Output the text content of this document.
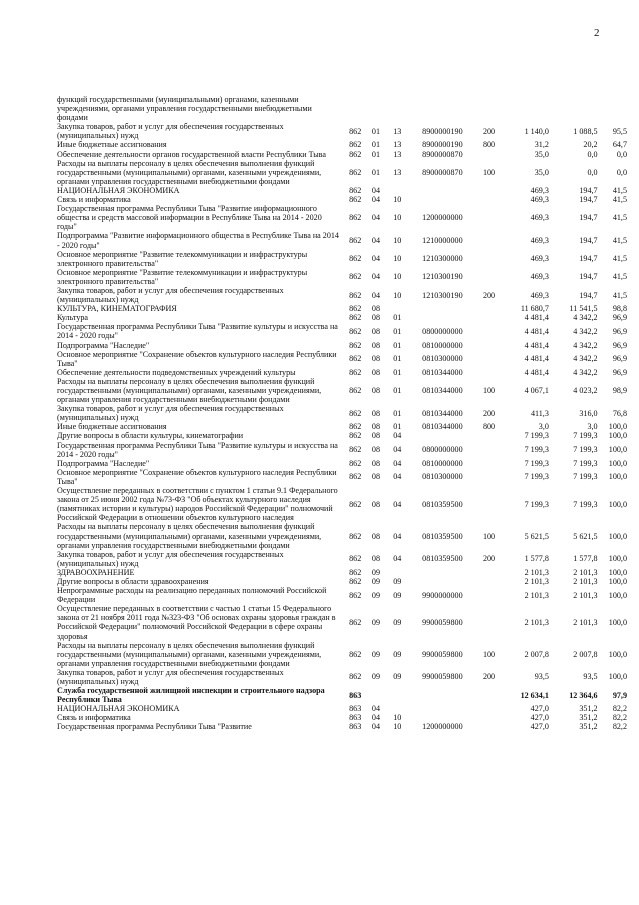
2
функций государственными (муниципальными) органами, казенными учреждениями, органами управления государственными внебюджетными фондами								
Закупка товаров, работ и услуг для обеспечения государственных (муниципальных) нужд	862	01	13	8900000190	200	1 140,0	1 088,5	95,5
Иные бюджетные ассигнования	862	01	13	8900000190	800	31,2	20,2	64,7
Обеспечение деятельности органов государственной власти Республики Тыва	862	01	13	8900000870		35,0	0,0	0,0
Расходы на выплаты персоналу в целях обеспечения выполнения функций государственными (муниципальными) органами, казенными учреждениями, органами управления государственными внебюджетными фондами	862	01	13	8900000870	100	35,0	0,0	0,0
НАЦИОНАЛЬНАЯ ЭКОНОМИКА	862	04				469,3	194,7	41,5
Связь и информатика	862	04	10			469,3	194,7	41,5
Государственная программа Республики Тыва "Развитие информационного общества и средств массовой информации в Республике Тыва на 2014 - 2020 годы"	862	04	10	1200000000		469,3	194,7	41,5
Подпрограмма "Развитие информационного общества в Республике Тыва на 2014 - 2020 годы"	862	04	10	1210000000		469,3	194,7	41,5
Основное мероприятие "Развитие телекоммуникации и инфраструктуры электронного правительства"	862	04	10	1210300000		469,3	194,7	41,5
Основное мероприятие "Развитие телекоммуникации и инфраструктуры электронного правительства"	862	04	10	1210300190		469,3	194,7	41,5
Закупка товаров, работ и услуг для обеспечения государственных (муниципальных) нужд	862	04	10	1210300190	200	469,3	194,7	41,5
КУЛЬТУРА, КИНЕМАТОГРАФИЯ	862	08				11 680,7	11 541,5	98,8
Культура	862	08	01			4 481,4	4 342,2	96,9
Государственная программа Республики Тыва "Развитие культуры и искусства на 2014 - 2020 годы"	862	08	01	0800000000		4 481,4	4 342,2	96,9
Подпрограмма "Наследие"	862	08	01	0810000000		4 481,4	4 342,2	96,9
Основное мероприятие "Сохранение объектов культурного наследия Республики Тыва"	862	08	01	0810300000		4 481,4	4 342,2	96,9
Обеспечение деятельности подведомственных учреждений культуры	862	08	01	0810344000		4 481,4	4 342,2	96,9
Расходы на выплаты персоналу в целях обеспечения выполнения функций государственными (муниципальными) органами, казенными учреждениями, органами управления государственными внебюджетными фондами	862	08	01	0810344000	100	4 067,1	4 023,2	98,9
Закупка товаров, работ и услуг для обеспечения государственных (муниципальных) нужд	862	08	01	0810344000	200	411,3	316,0	76,8
Иные бюджетные ассигнования	862	08	01	0810344000	800	3,0	3,0	100,0
Другие вопросы в области культуры, кинематографии	862	08	04			7 199,3	7 199,3	100,0
Государственная программа Республики Тыва "Развитие культуры и искусства на 2014 - 2020 годы"	862	08	04	0800000000		7 199,3	7 199,3	100,0
Подпрограмма "Наследие"	862	08	04	0810000000		7 199,3	7 199,3	100,0
Основное мероприятие "Сохранение объектов культурного наследия Республики Тыва"	862	08	04	0810300000		7 199,3	7 199,3	100,0
Осуществление переданных в соответствии с пунктом 1 статьи 9.1 Федерального закона от 25 июня 2002 года №73-ФЗ "Об объектах культурного наследия (памятниках истории и культуры) народов Российской Федерации" полномочий Российской Федерации в отношении объектов культурного наследия	862	08	04	0810359500		7 199,3	7 199,3	100,0
Расходы на выплаты персоналу в целях обеспечения выполнения функций государственными (муниципальными) органами, казенными учреждениями, органами управления государственными внебюджетными фондами	862	08	04	0810359500	100	5 621,5	5 621,5	100,0
Закупка товаров, работ и услуг для обеспечения государственных (муниципальных) нужд	862	08	04	0810359500	200	1 577,8	1 577,8	100,0
ЗДРАВООХРАНЕНИЕ	862	09				2 101,3	2 101,3	100,0
Другие вопросы в области здравоохранения	862	09	09			2 101,3	2 101,3	100,0
Непрограммные расходы на реализацию переданных полномочий Российской Федерации	862	09	09	9900000000		2 101,3	2 101,3	100,0
Осуществление переданных в соответствии с частью 1 статьи 15 Федерального закона от 21 ноября 2011 года №323-ФЗ "Об основах охраны здоровья граждан в Российской Федерации" полномочий Российской Федерации в сфере охраны здоровья	862	09	09	9900059800		2 101,3	2 101,3	100,0
Расходы на выплаты персоналу в целях обеспечения выполнения функций государственными (муниципальными) органами, казенными учреждениями, органами управления государственными внебюджетными фондами	862	09	09	9900059800	100	2 007,8	2 007,8	100,0
Закупка товаров, работ и услуг для обеспечения государственных (муниципальных) нужд	862	09	09	9900059800	200	93,5	93,5	100,0
Служба государственной жилищной инспекции и строительного надзора Республики Тыва	863					12 634,1	12 364,6	97,9
НАЦИОНАЛЬНАЯ ЭКОНОМИКА	863	04				427,0	351,2	82,2
Связь и информатика	863	04	10			427,0	351,2	82,2
Государственная программа Республики Тыва "Развитие	863	04	10	1200000000		427,0	351,2	82,2
